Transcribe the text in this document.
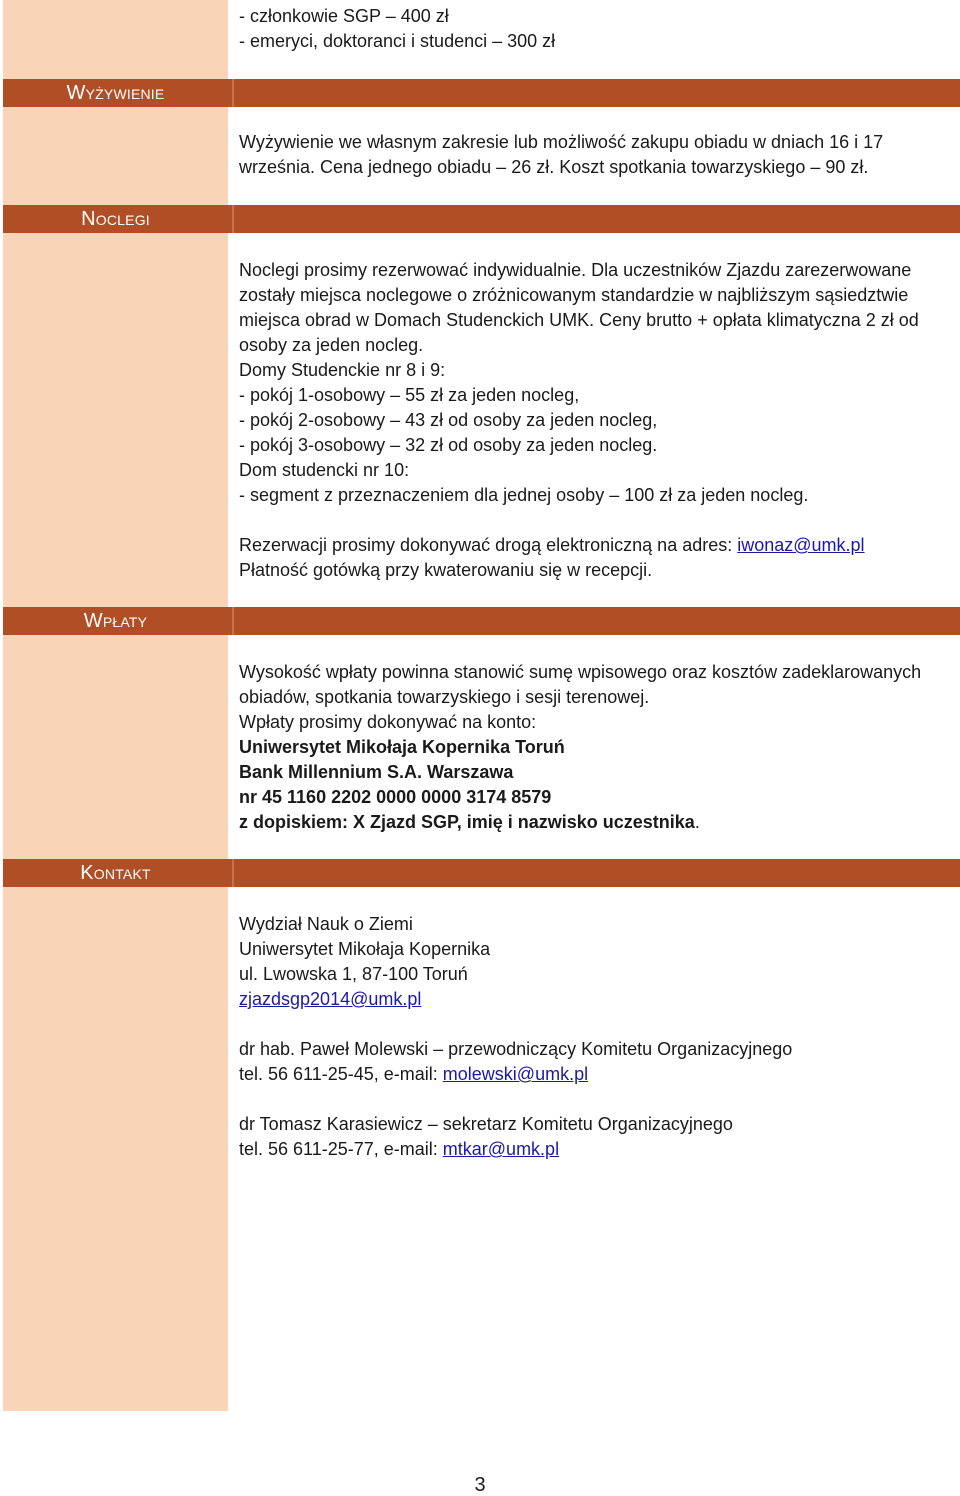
- członkowie SGP – 400 zł

- emeryci, doktoranci i studenci – 300 zł

Wyżywienie

Wyżywienie we własnym zakresie lub możliwość zakupu obiadu w dniach 16 i 17

września. Cena jednego obiadu – 26 zł. Koszt spotkania towarzyskiego – 90 zł.

Noclegi

Noclegi prosimy rezerwować indywidualnie. Dla uczestników Zjazdu zarezerwowane

zostały miejsca noclegowe o zróżnicowanym standardzie w najbliższym sąsiedztwie

miejsca obrad w Domach Studenckich UMK. Ceny brutto + opłata klimatyczna 2 zł od

osoby za jeden nocleg.

Domy Studenckie nr 8 i 9:

- pokój 1-osobowy – 55 zł za jeden nocleg,

- pokój 2-osobowy – 43 zł od osoby za jeden nocleg,

- pokój 3-osobowy – 32 zł od osoby za jeden nocleg.

Dom studencki nr 10:

- segment z przeznaczeniem dla jednej osoby – 100 zł za jeden nocleg.

Rezerwacji prosimy dokonywać drogą elektroniczną na adres: iwonaz@umk.pl

Płatność gotówką przy kwaterowaniu się w recepcji.

Wpłaty

Wysokość wpłaty powinna stanowić sumę wpisowego oraz kosztów zadeklarowanych

obiadów, spotkania towarzyskiego i sesji terenowej.

Wpłaty prosimy dokonywać na konto:

Uniwersytet Mikołaja Kopernika Toruń

Bank Millennium S.A. Warszawa

nr 45 1160 2202 0000 0000 3174 8579

z dopiskiem: X Zjazd SGP, imię i nazwisko uczestnika.

Kontakt

Wydział Nauk o Ziemi

Uniwersytet Mikołaja Kopernika

ul. Lwowska 1, 87-100 Toruń

zjazdsgp2014@umk.pl

dr hab. Paweł Molewski – przewodniczący Komitetu Organizacyjnego

tel. 56 611-25-45, e-mail: molewski@umk.pl

dr Tomasz Karasiewicz – sekretarz Komitetu Organizacyjnego

tel. 56 611-25-77, e-mail: mtkar@umk.pl

3
